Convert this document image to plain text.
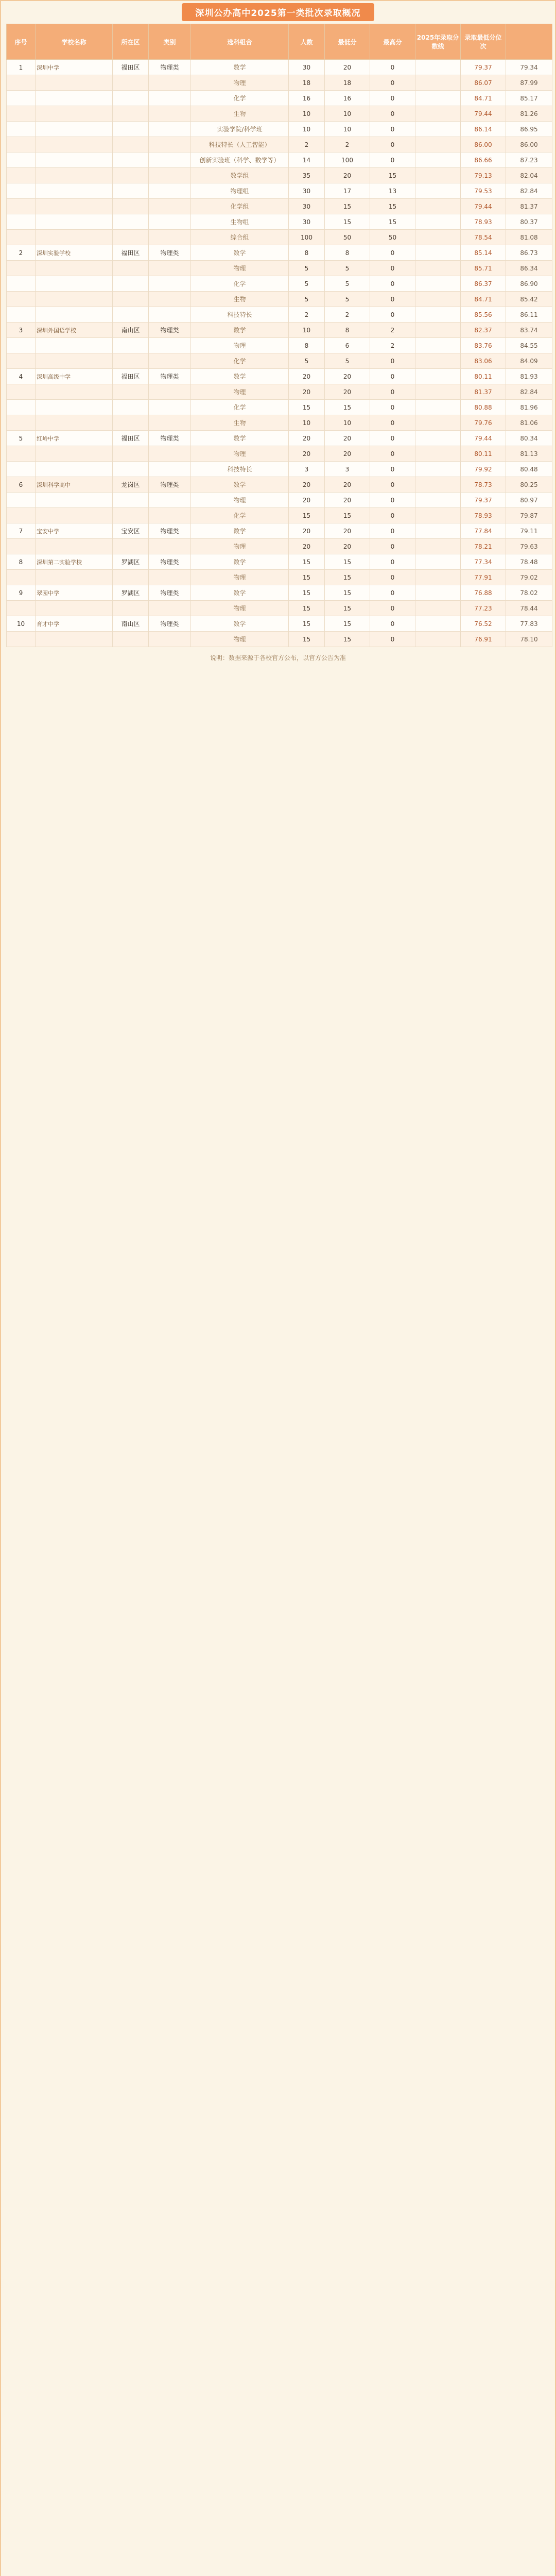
深圳公办高中2025第一类批次录取概况
序号	学校名称	所在区	类别	选科组合	人数	最低分	最高分	2025年录取分数线	录取最低分位次	
1	深圳中学	福田区	物理类	数学	30	20	0		79.37	79.34
				物理	18	18	0		86.07	87.99
				化学	16	16	0		84.71	85.17
				生物	10	10	0		79.44	81.26
				实验学院/科学班	10	10	0		86.14	86.95
				科技特长（人工智能）	2	2	0		86.00	86.00
				创新实验班（科学、数学等）	14	100	0		86.66	87.23
				数学组	35	20	15		79.13	82.04
				物理组	30	17	13		79.53	82.84
				化学组	30	15	15		79.44	81.37
				生物组	30	15	15		78.93	80.37
				综合组	100	50	50		78.54	81.08
2	深圳实验学校	福田区	物理类	数学	8	8	0		85.14	86.73
				物理	5	5	0		85.71	86.34
				化学	5	5	0		86.37	86.90
				生物	5	5	0		84.71	85.42
				科技特长	2	2	0		85.56	86.11
3	深圳外国语学校	南山区	物理类	数学	10	8	2		82.37	83.74
				物理	8	6	2		83.76	84.55
				化学	5	5	0		83.06	84.09
4	深圳高级中学	福田区	物理类	数学	20	20	0		80.11	81.93
				物理	20	20	0		81.37	82.84
				化学	15	15	0		80.88	81.96
				生物	10	10	0		79.76	81.06
5	红岭中学	福田区	物理类	数学	20	20	0		79.44	80.34
				物理	20	20	0		80.11	81.13
				科技特长	3	3	0		79.92	80.48
6	深圳科学高中	龙岗区	物理类	数学	20	20	0		78.73	80.25
				物理	20	20	0		79.37	80.97
				化学	15	15	0		78.93	79.87
7	宝安中学	宝安区	物理类	数学	20	20	0		77.84	79.11
				物理	20	20	0		78.21	79.63
8	深圳第二实验学校	罗湖区	物理类	数学	15	15	0		77.34	78.48
				物理	15	15	0		77.91	79.02
9	翠园中学	罗湖区	物理类	数学	15	15	0		76.88	78.02
				物理	15	15	0		77.23	78.44
10	育才中学	南山区	物理类	数学	15	15	0		76.52	77.83
				物理	15	15	0		76.91	78.10
说明：数据来源于各校官方公布，以官方公告为准
